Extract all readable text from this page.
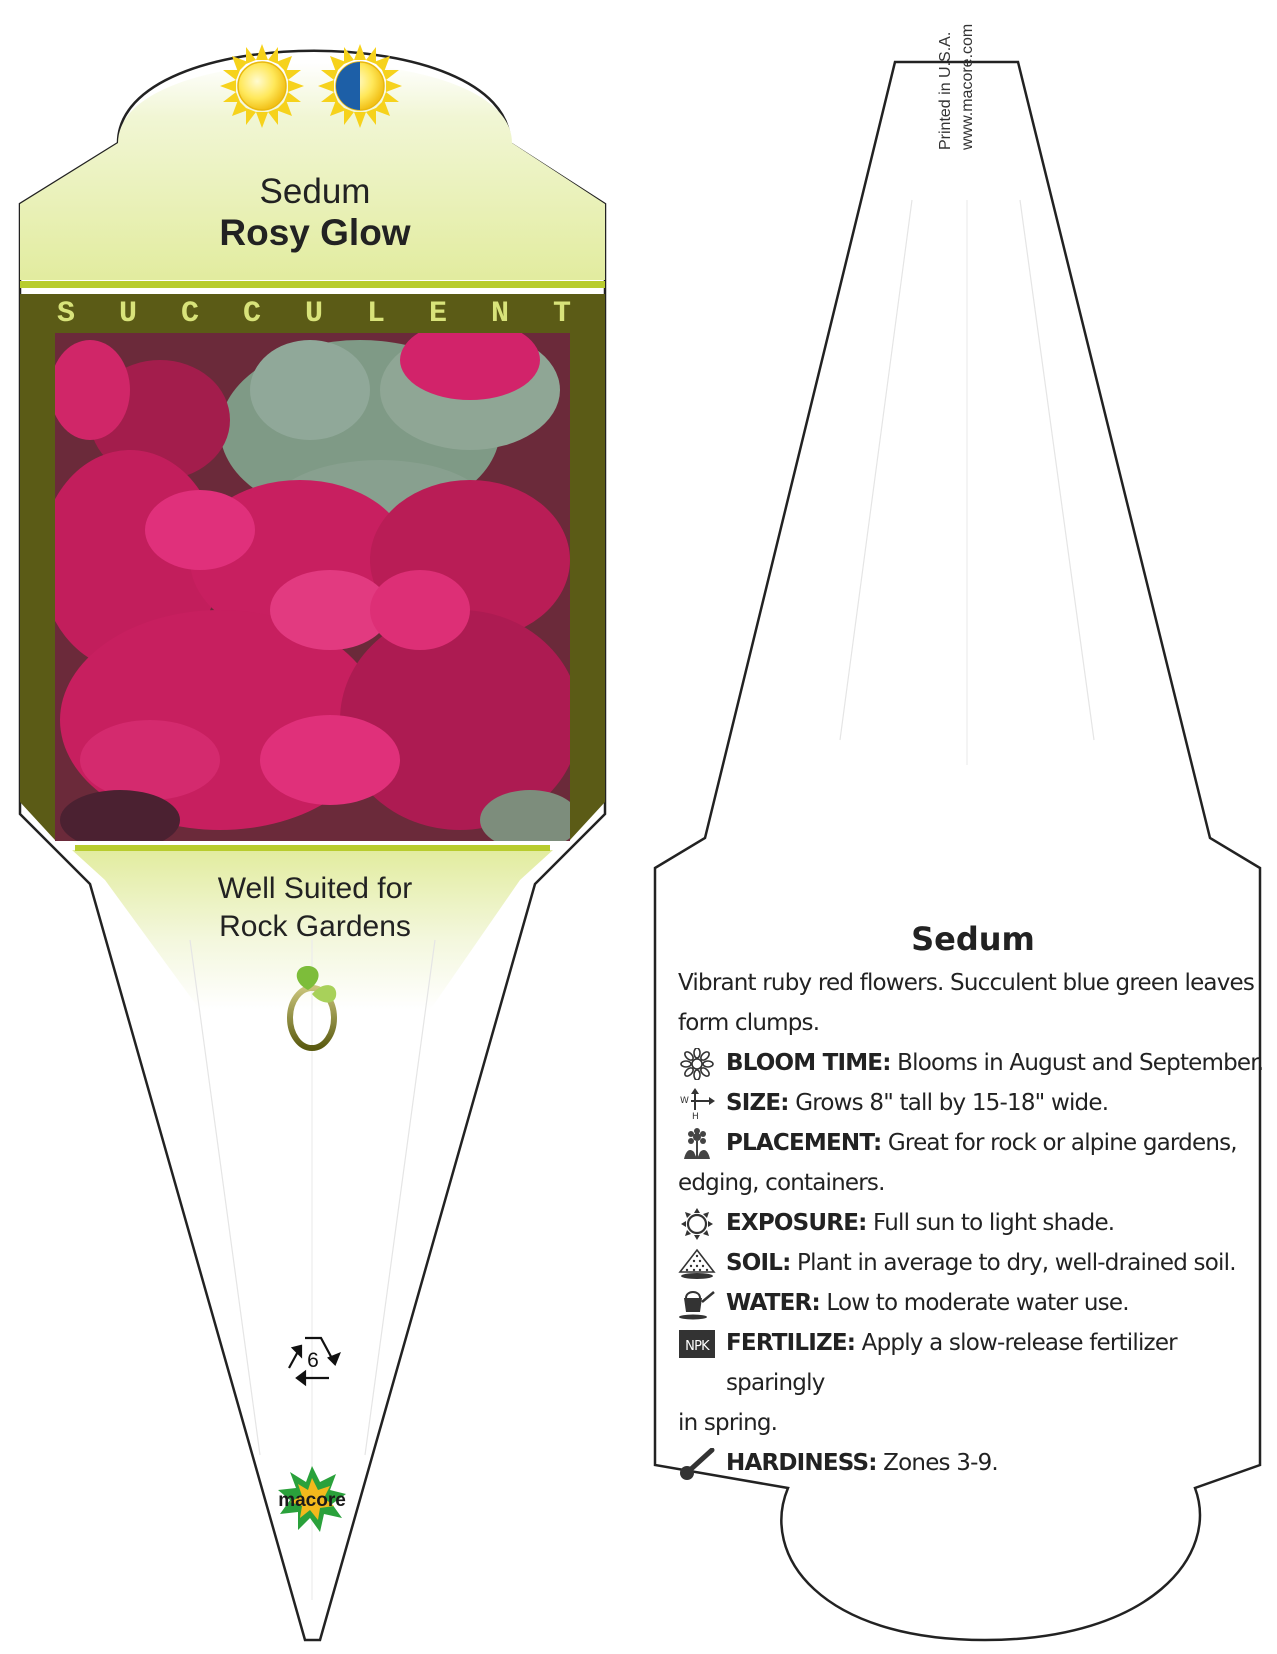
Sedum
Rosy Glow
S U C C U L E N T
Well Suited for
Rock Gardens
6
macore
Printed in U.S.A. www.macore.com
Sedum
Vibrant ruby red flowers. Succulent blue green leaves form clumps.
BLOOM TIME: Blooms in August and September.
W
H
SIZE: Grows 8" tall by 15-18" wide.
PLACEMENT: Great for rock or alpine gardens,
edging, containers.
EXPOSURE: Full sun to light shade.
SOIL: Plant in average to dry, well-drained soil.
WATER: Low to moderate water use.
NPK FERTILIZE: Apply a slow-release fertilizer sparingly
in spring.
HARDINESS: Zones 3-9.
